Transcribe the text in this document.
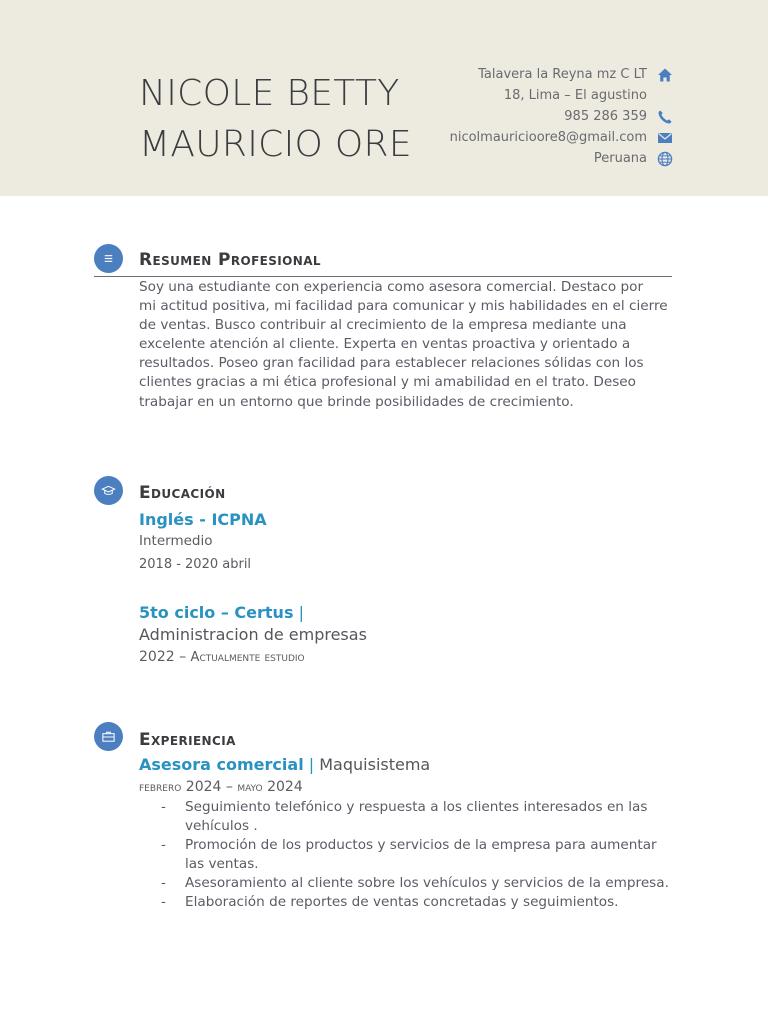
NICOLE BETTY
MAURICIO ORE
Talavera la Reyna mz C LT
18, Lima – El agustino
985 286 359
nicolmauricioore8@gmail.com
Peruana
Resumen Profesional
Soy una estudiante con experiencia como asesora comercial. Destaco por
mi actitud positiva, mi facilidad para comunicar y mis habilidades en el cierre
de ventas. Busco contribuir al crecimiento de la empresa mediante una
excelente atención al cliente. Experta en ventas proactiva y orientado a
resultados. Poseo gran facilidad para establecer relaciones sólidas con los
clientes gracias a mi ética profesional y mi amabilidad en el trato. Deseo
trabajar en un entorno que brinde posibilidades de crecimiento.
Educación
Inglés - ICPNA
Intermedio
2018 - 2020 abril
5to ciclo – Certus |
Administracion de empresas
2022 – Actualmente estudio
Experiencia
Asesora comercial | Maquisistema
febrero 2024 – mayo 2024
- Seguimiento telefónico y respuesta a los clientes interesados en las
vehículos .
- Promoción de los productos y servicios de la empresa para aumentar
las ventas.
- Asesoramiento al cliente sobre los vehículos y servicios de la empresa.
- Elaboración de reportes de ventas concretadas y seguimientos.
